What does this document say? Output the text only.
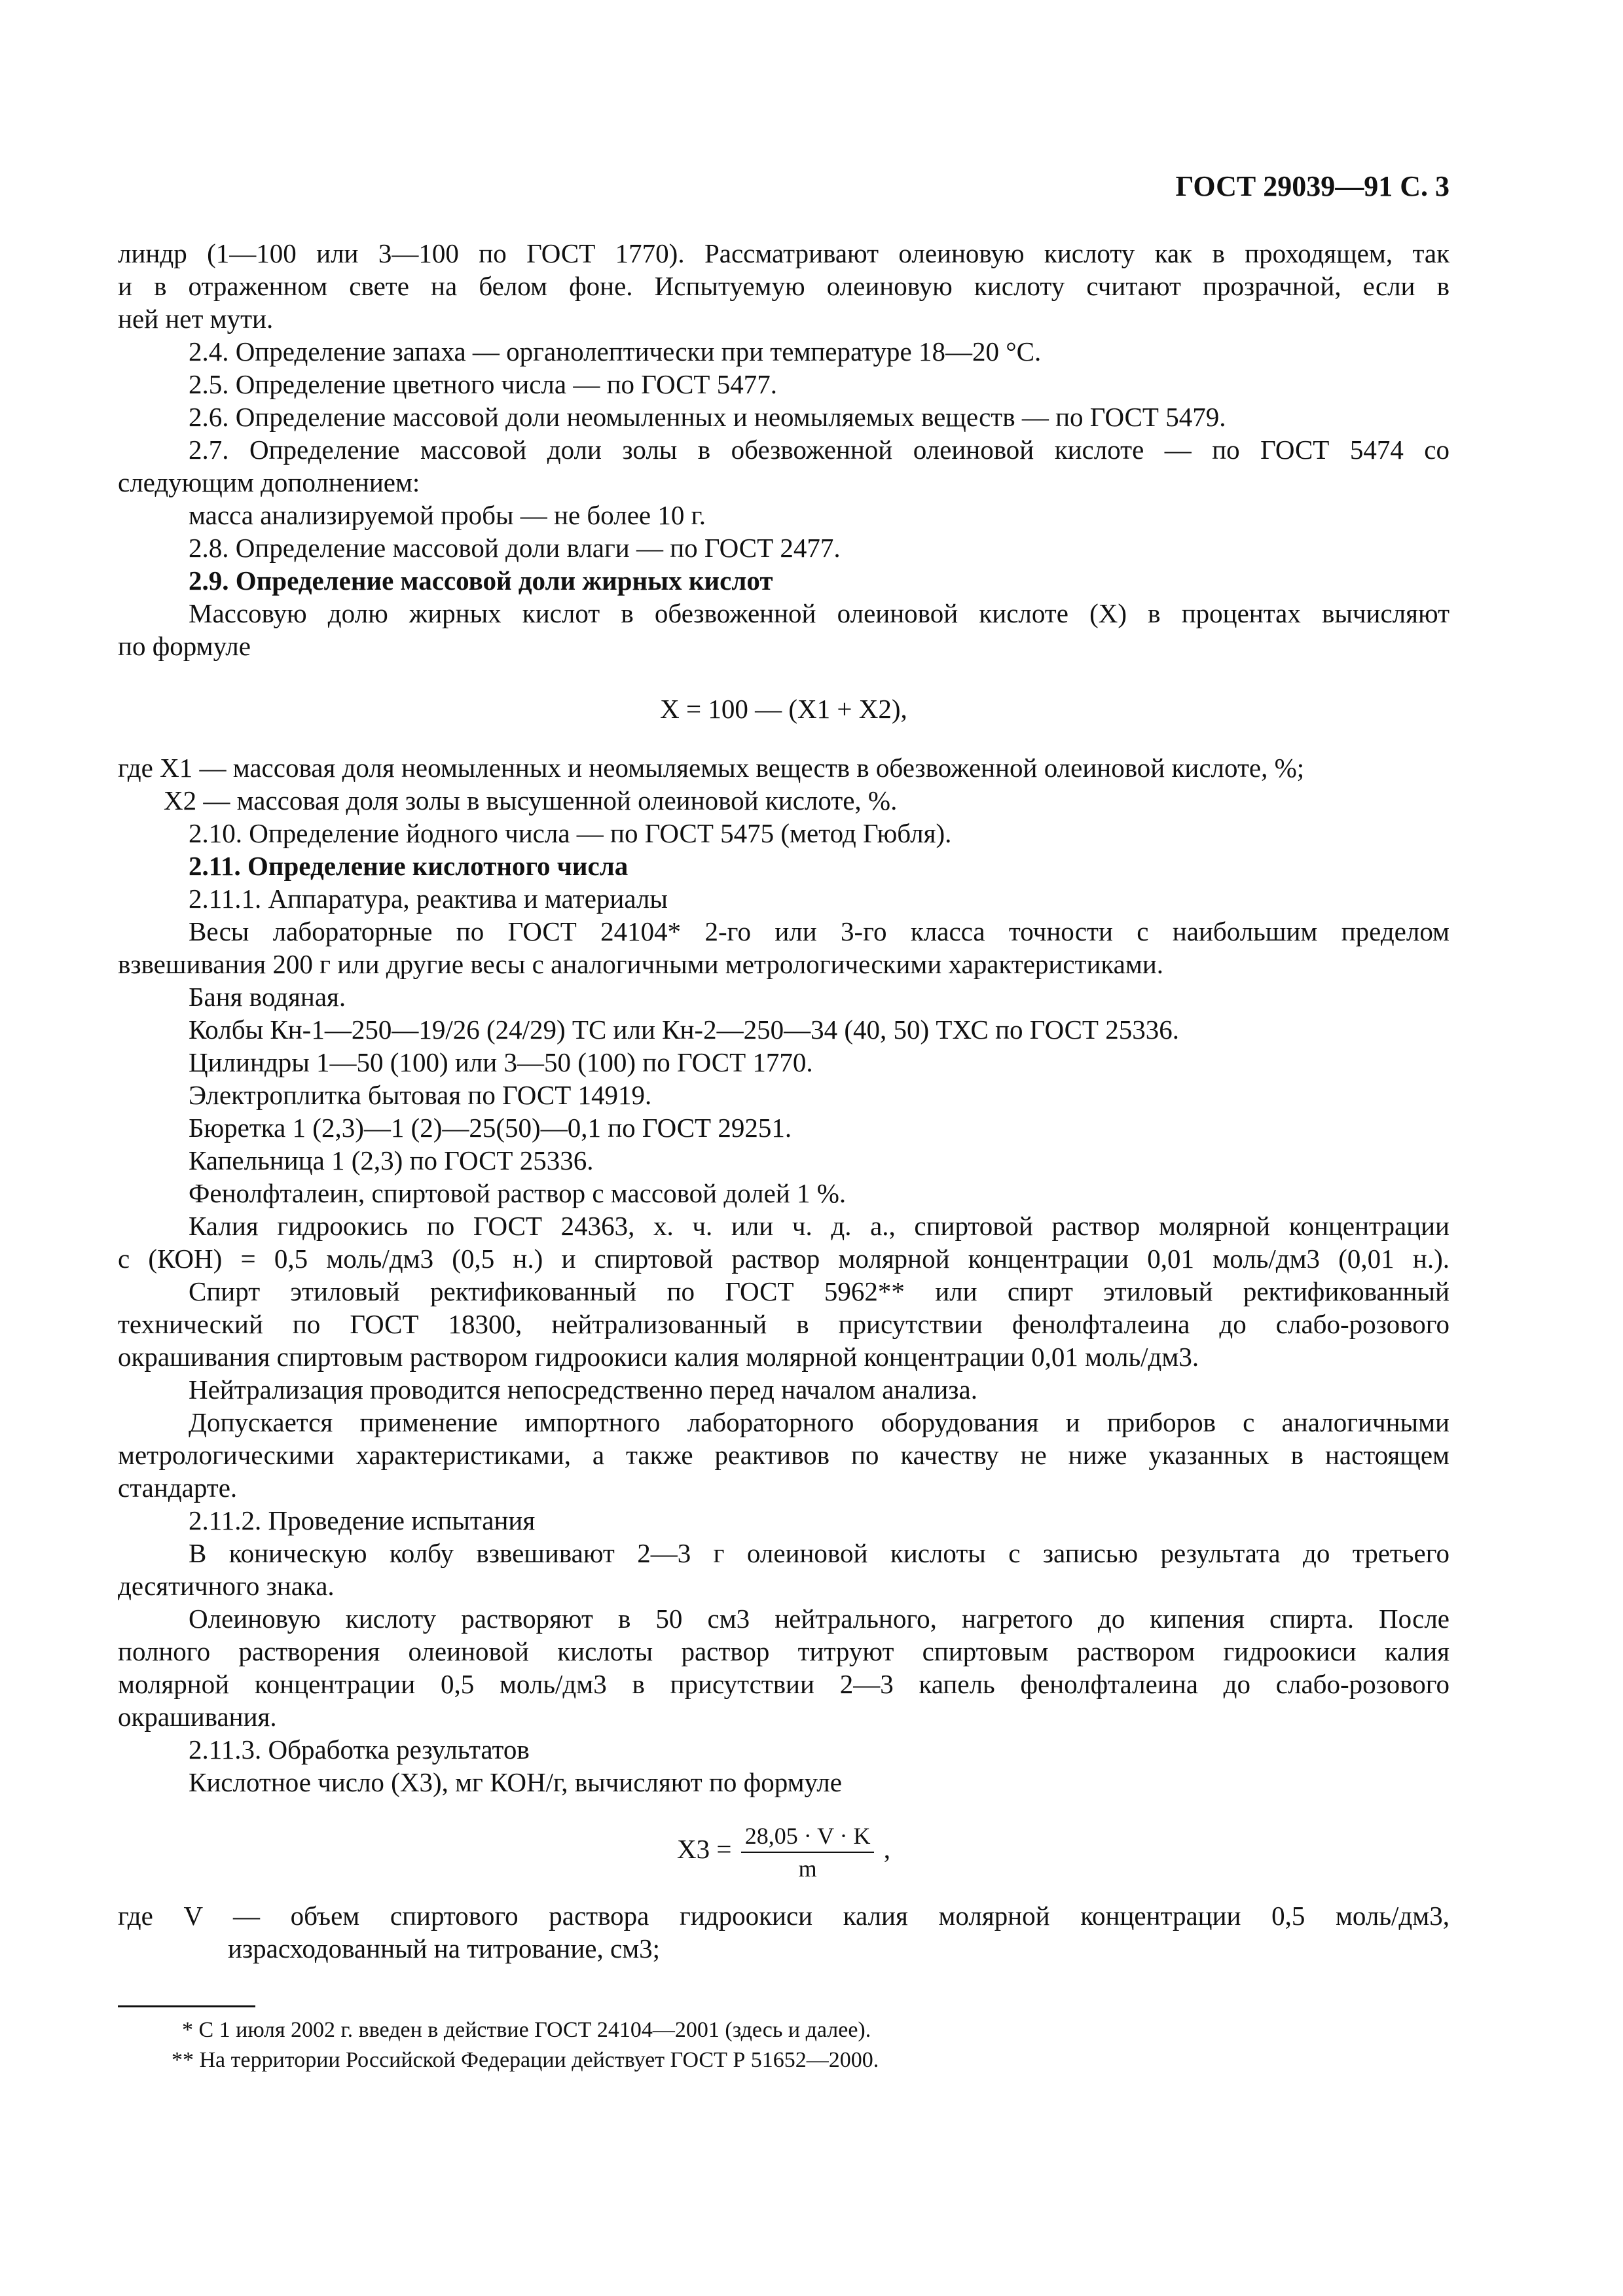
ГОСТ 29039—91 С. 3
линдр (1—100 или 3—100 по ГОСТ 1770). Рассматривают олеиновую кислоту как в проходящем, так
и в отраженном свете на белом фоне. Испытуемую олеиновую кислоту считают прозрачной, если в
ней нет мути.
2.4. Определение запаха — органолептически при температуре 18—20 °С.
2.5. Определение цветного числа — по ГОСТ 5477.
2.6. Определение массовой доли неомыленных и неомыляемых веществ — по ГОСТ 5479.
2.7. Определение массовой доли золы в обезвоженной олеиновой кислоте — по ГОСТ 5474 со
следующим дополнением:
масса анализируемой пробы — не более 10 г.
2.8. Определение массовой доли влаги — по ГОСТ 2477.
2.9. Определение массовой доли жирных кислот
Массовую долю жирных кислот в обезвоженной олеиновой кислоте (X) в процентах вычисляют
по формуле
X = 100 — (X1 + X2),
где X1 — массовая доля неомыленных и неомыляемых веществ в обезвоженной олеиновой кислоте, %;
X2 — массовая доля золы в высушенной олеиновой кислоте, %.
2.10. Определение йодного числа — по ГОСТ 5475 (метод Гюбля).
2.11. Определение кислотного числа
2.11.1. Аппаратура, реактива и материалы
Весы лабораторные по ГОСТ 24104* 2-го или 3-го класса точности с наибольшим пределом
взвешивания 200 г или другие весы с аналогичными метрологическими характеристиками.
Баня водяная.
Колбы Кн-1—250—19/26 (24/29) ТС или Кн-2—250—34 (40, 50) ТХС по ГОСТ 25336.
Цилиндры 1—50 (100) или 3—50 (100) по ГОСТ 1770.
Электроплитка бытовая по ГОСТ 14919.
Бюретка 1 (2,3)—1 (2)—25(50)—0,1 по ГОСТ 29251.
Капельница 1 (2,3) по ГОСТ 25336.
Фенолфталеин, спиртовой раствор с массовой долей 1 %.
Калия гидроокись по ГОСТ 24363, х. ч. или ч. д. а., спиртовой раствор молярной концентрации
c (КОН) = 0,5 моль/дм3 (0,5 н.) и спиртовой раствор молярной концентрации 0,01 моль/дм3 (0,01 н.).
Спирт этиловый ректификованный по ГОСТ 5962** или спирт этиловый ректификованный
технический по ГОСТ 18300, нейтрализованный в присутствии фенолфталеина до слабо-розового
окрашивания спиртовым раствором гидроокиси калия молярной концентрации 0,01 моль/дм3.
Нейтрализация проводится непосредственно перед началом анализа.
Допускается применение импортного лабораторного оборудования и приборов с аналогичными
метрологическими характеристиками, а также реактивов по качеству не ниже указанных в настоящем
стандарте.
2.11.2. Проведение испытания
В коническую колбу взвешивают 2—3 г олеиновой кислоты с записью результата до третьего
десятичного знака.
Олеиновую кислоту растворяют в 50 см3 нейтрального, нагретого до кипения спирта. После
полного растворения олеиновой кислоты раствор титруют спиртовым раствором гидроокиси калия
молярной концентрации 0,5 моль/дм3 в присутствии 2—3 капель фенолфталеина до слабо-розового
окрашивания.
2.11.3. Обработка результатов
Кислотное число (X3), мг КОН/г, вычисляют по формуле
$X3 = \frac{28,05 \cdot V \cdot K}{m}$ ,
где V — объем спиртового раствора гидроокиси калия молярной концентрации 0,5 моль/дм3,
израсходованный на титрование, см3;
* С 1 июля 2002 г. введен в действие ГОСТ 24104—2001 (здесь и далее).
** На территории Российской Федерации действует ГОСТ Р 51652—2000.
